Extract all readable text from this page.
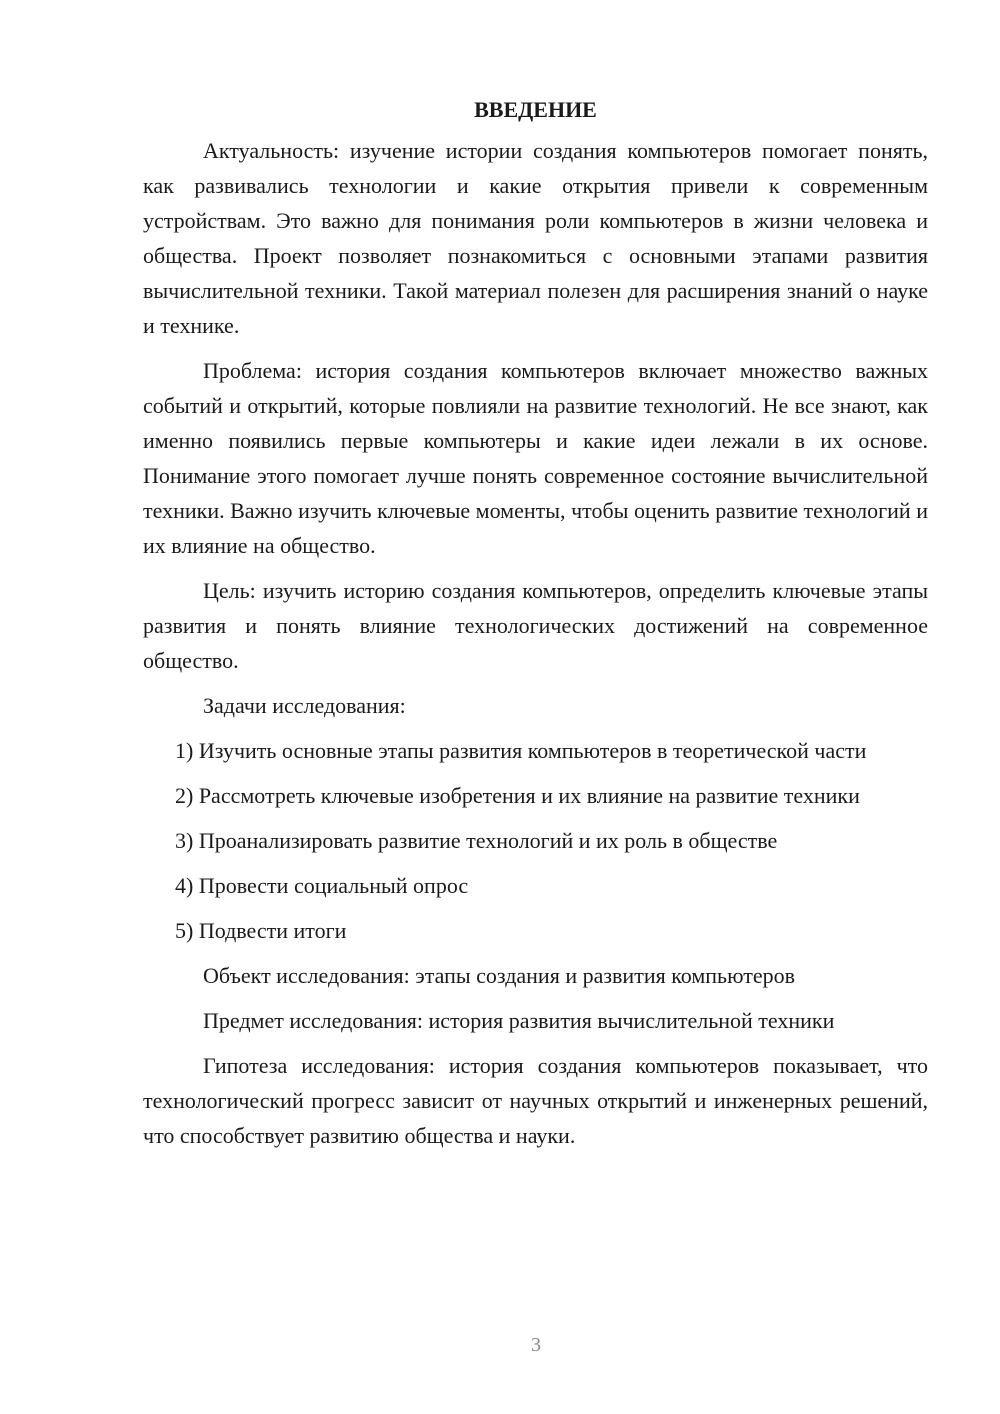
ВВЕДЕНИЕ

Актуальность: изучение истории создания компьютеров помогает понять, как развивались технологии и какие открытия привели к современным устройствам. Это важно для понимания роли компьютеров в жизни человека и общества. Проект позволяет познакомиться с основными этапами развития вычислительной техники. Такой материал полезен для расширения знаний о науке и технике.

Проблема: история создания компьютеров включает множество важных событий и открытий, которые повлияли на развитие технологий. Не все знают, как именно появились первые компьютеры и какие идеи лежали в их основе. Понимание этого помогает лучше понять современное состояние вычислительной техники. Важно изучить ключевые моменты, чтобы оценить развитие технологий и их влияние на общество.

Цель: изучить историю создания компьютеров, определить ключевые этапы развития и понять влияние технологических достижений на современное общество.

Задачи исследования:

1) Изучить основные этапы развития компьютеров в теоретической части

2) Рассмотреть ключевые изобретения и их влияние на развитие техники

3) Проанализировать развитие технологий и их роль в обществе

4) Провести социальный опрос

5) Подвести итоги

Объект исследования: этапы создания и развития компьютеров

Предмет исследования: история развития вычислительной техники

Гипотеза исследования: история создания компьютеров показывает, что технологический прогресс зависит от научных открытий и инженерных решений, что способствует развитию общества и науки.

3
